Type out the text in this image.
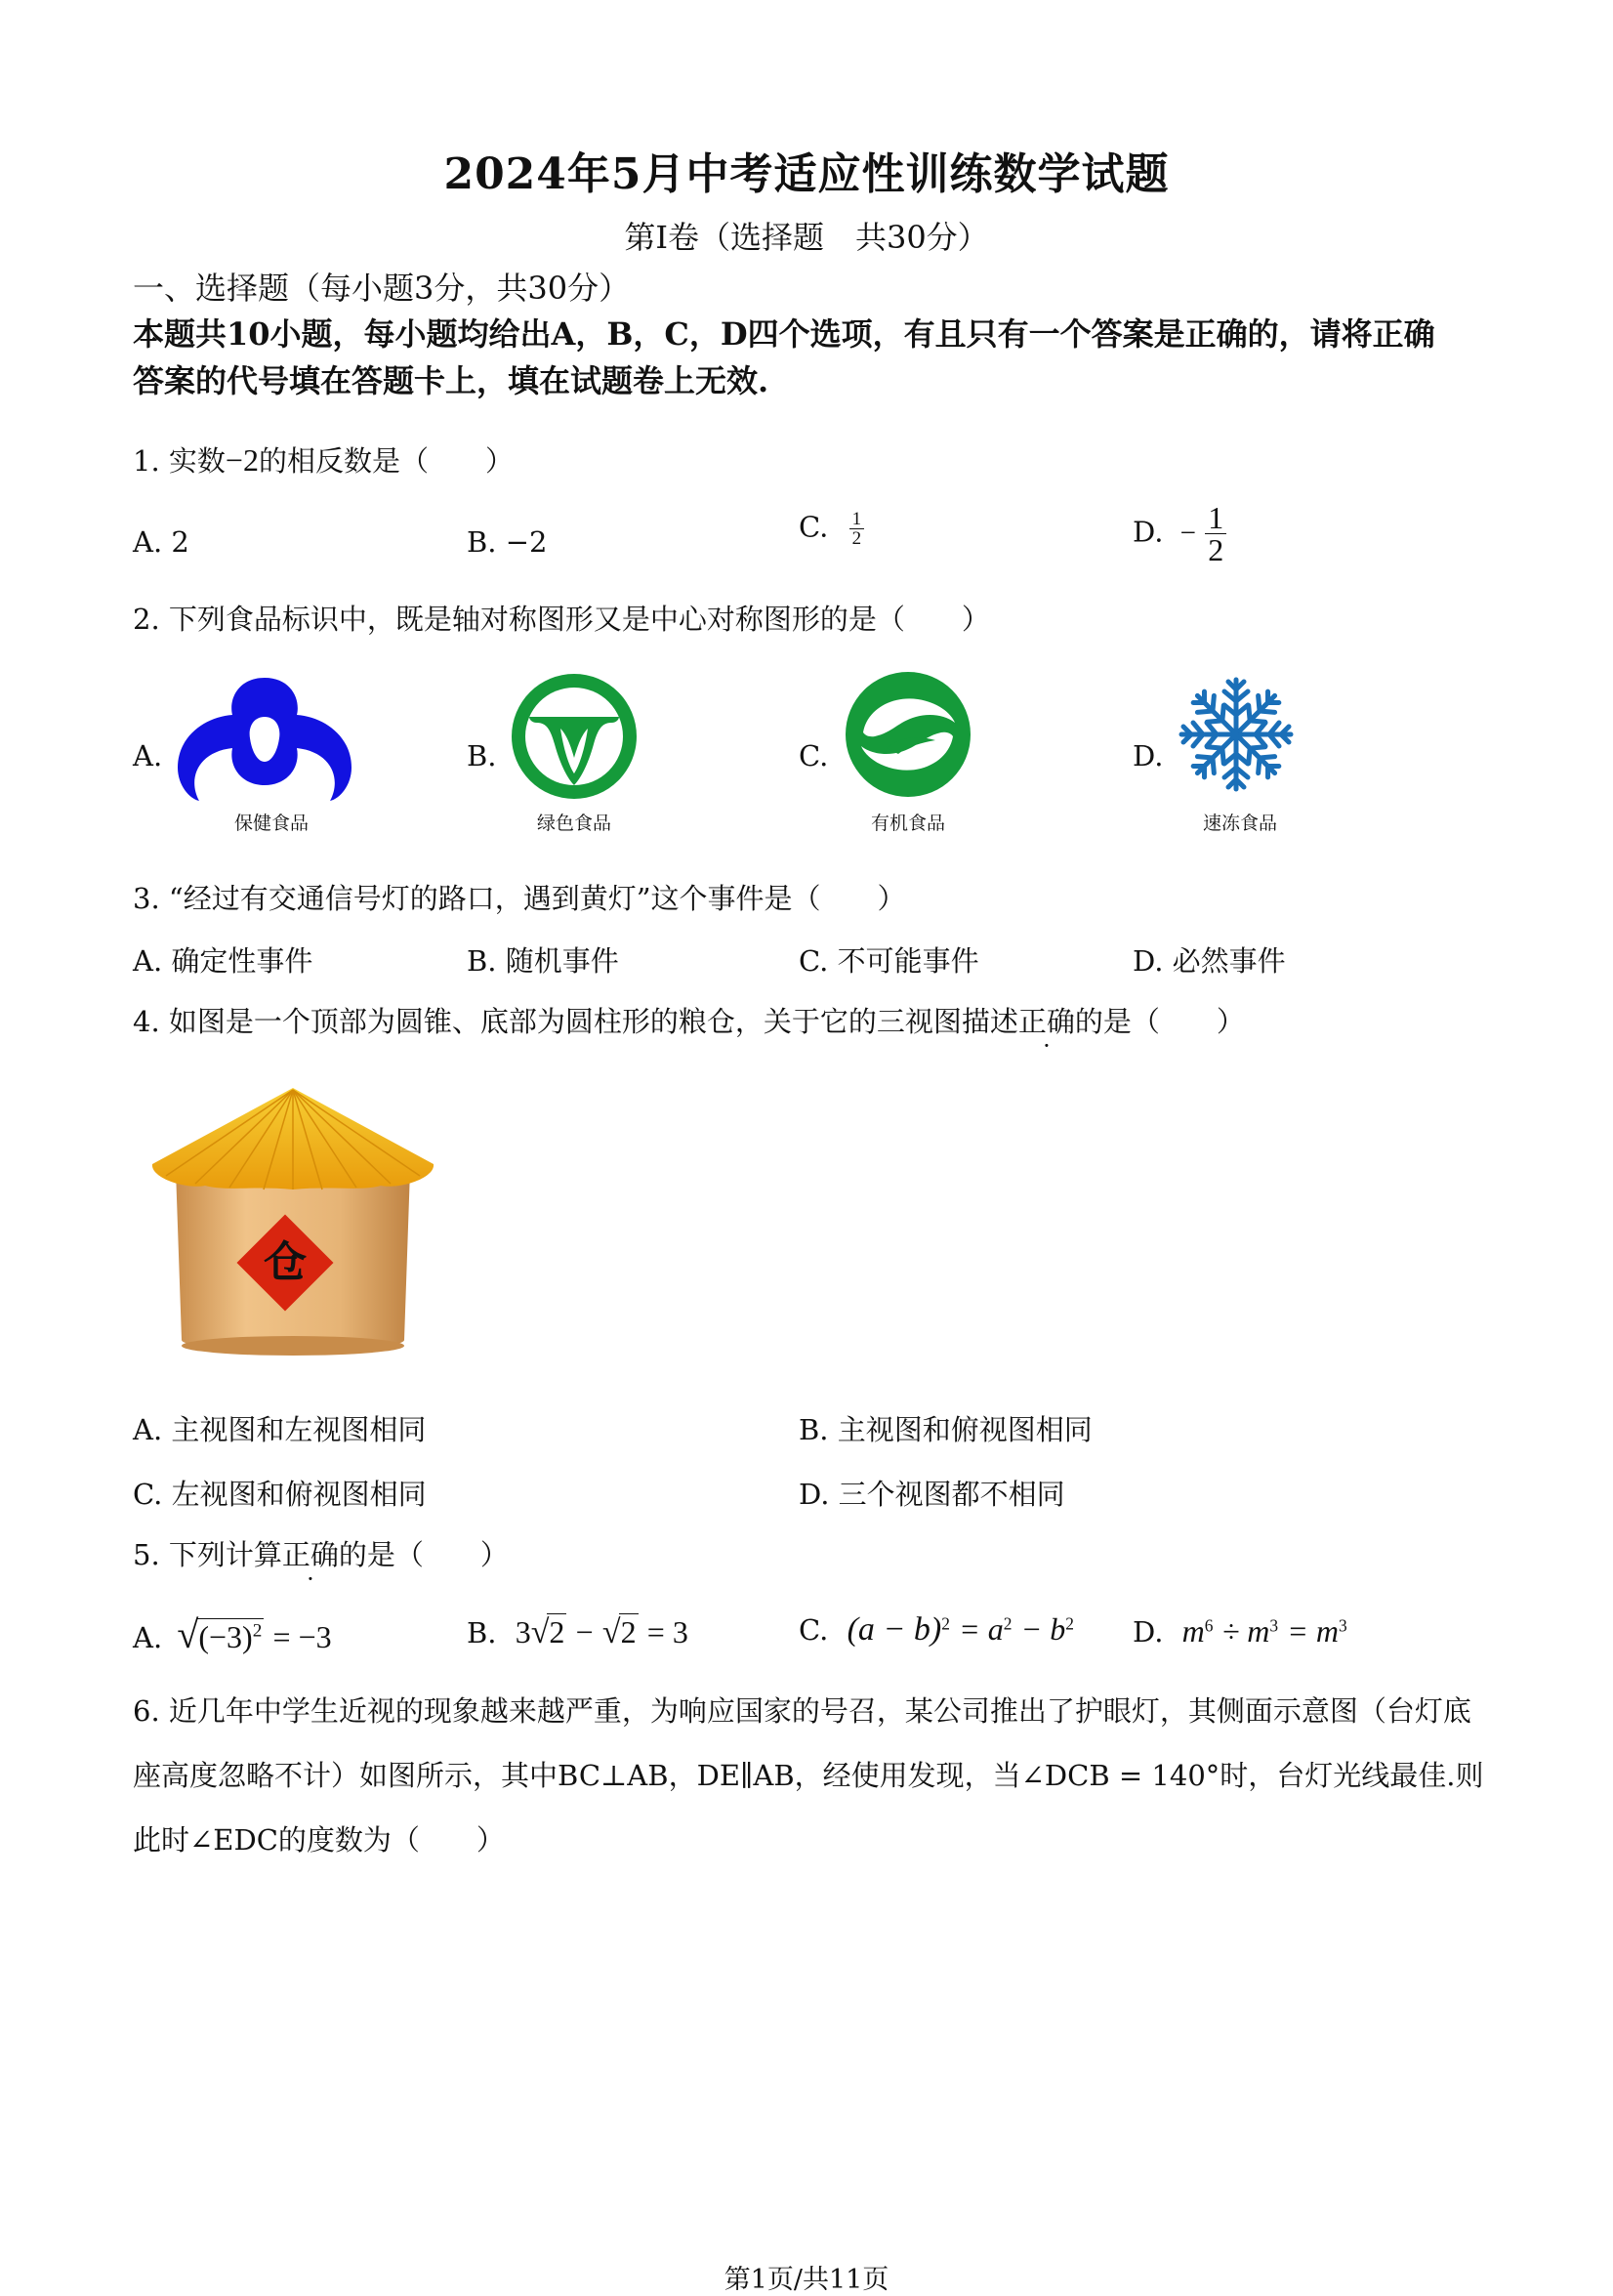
2024年5月中考适应性训练数学试题
第Ⅰ卷（选择题　共30分）
一、选择题（每小题3分，共30分）
本题共10小题，每小题均给出A，B，C，D四个选项，有且只有一个答案是正确的，请将正确
答案的代号填在答题卡上，填在试题卷上无效.
1. 实数−2的相反数是（　　）
A. 2	B. −2	C. $\frac{1}{2}$	D. − $\frac{1}{2}$
2. 下列食品标识中，既是轴对称图形又是中心对称图形的是（　　）
A.
保健食品
B.
绿色食品
C.
有机食品
D.
速冻食品
3. “经过有交通信号灯的路口，遇到黄灯”这个事件是（　　）
A. 确定性事件	B. 随机事件	C. 不可能事件	D. 必然事件
4. 如图是一个顶部为圆锥、底部为圆柱形的粮仓，关于它的三视图描述正确的是（　　）
仓
A. 主视图和左视图相同	B. 主视图和俯视图相同
C. 左视图和俯视图相同	D. 三个视图都不相同
5. 下列计算正确的是（　　）
A. $√(-3)^2 = -3$	B. 3√2 − √2 = 3	C. $(a - b)^2 = a^2 - b^2$ D. $m^6 \div m^3 = m^3$
6. 近几年中学生近视的现象越来越严重，为响应国家的号召，某公司推出了护眼灯，其侧面示意图（台灯底
座高度忽略不计）如图所示，其中BC⊥AB，DE∥AB，经使用发现，当∠DCB = 140°时，台灯光线最佳.则
此时∠EDC的度数为（　　）
第1页/共11页
